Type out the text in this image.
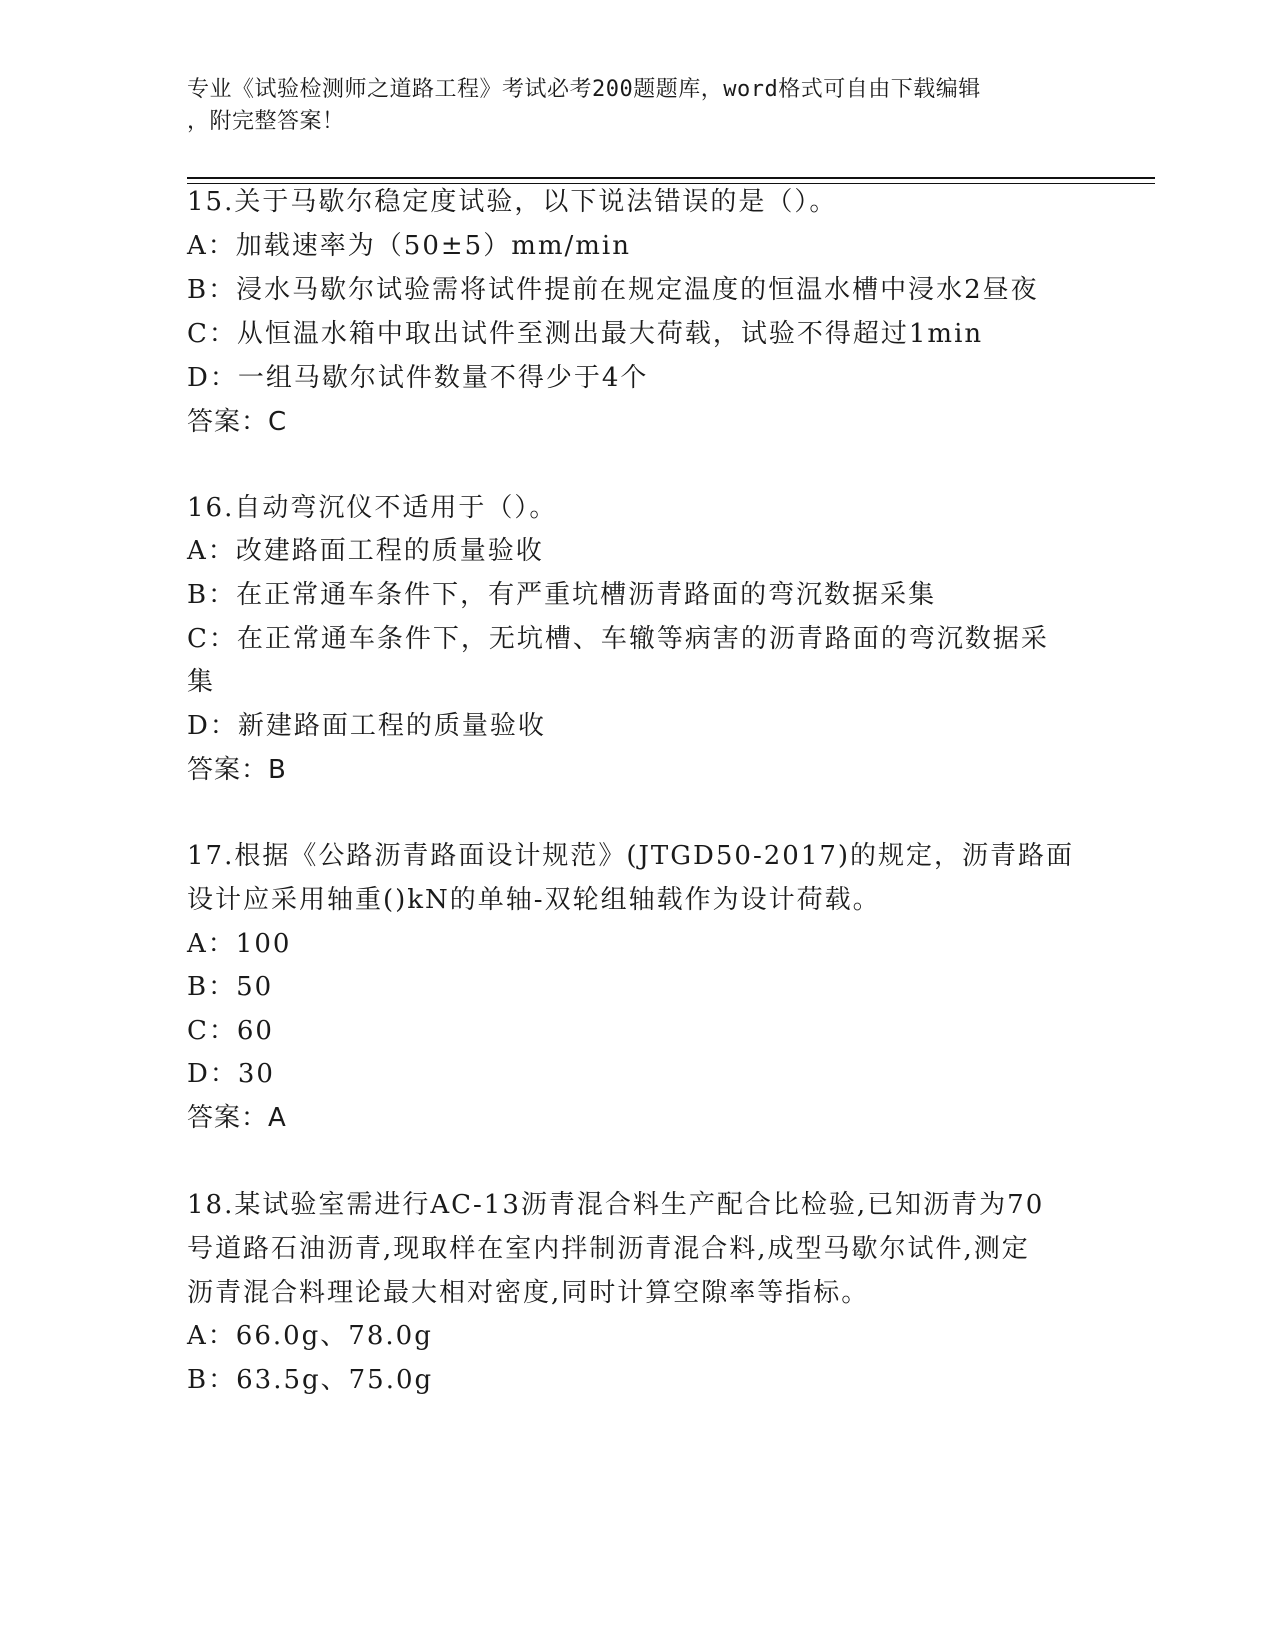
专业《试验检测师之道路工程》考试必考200题题库，word格式可自由下载编辑
，附完整答案！
15.关于马歇尔稳定度试验，以下说法错误的是（）。
A：加载速率为（50±5）mm/min
B：浸水马歇尔试验需将试件提前在规定温度的恒温水槽中浸水2昼夜
C：从恒温水箱中取出试件至测出最大荷载，试验不得超过1min
D：一组马歇尔试件数量不得少于4个
答案：C
16.自动弯沉仪不适用于（）。
A：改建路面工程的质量验收
B：在正常通车条件下，有严重坑槽沥青路面的弯沉数据采集
C：在正常通车条件下，无坑槽、车辙等病害的沥青路面的弯沉数据采
集
D：新建路面工程的质量验收
答案：B
17.根据《公路沥青路面设计规范》(JTGD50-2017)的规定，沥青路面
设计应采用轴重()kN的单轴-双轮组轴载作为设计荷载。
A：100
B：50
C：60
D：30
答案：A
18.某试验室需进行AC-13沥青混合料生产配合比检验,已知沥青为70
号道路石油沥青,现取样在室内拌制沥青混合料,成型马歇尔试件,测定
沥青混合料理论最大相对密度,同时计算空隙率等指标。
A：66.0g、78.0g
B：63.5g、75.0g
